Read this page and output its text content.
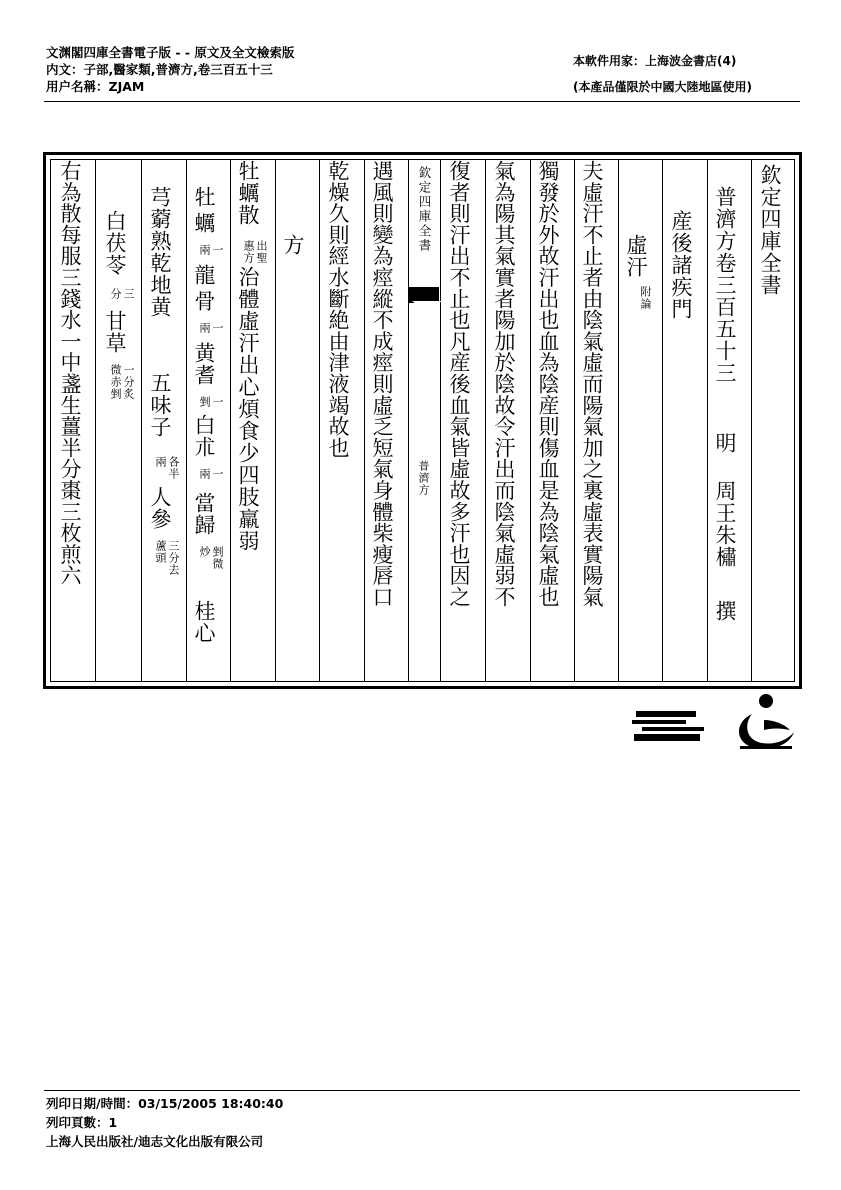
文渊閣四庫全書電子版 - - 原文及全文檢索版
内文：子部,醫家類,普濟方,卷三百五十三
用户名稱：ZJAM
本軟件用家：上海波金書店(4)
(本產品僅限於中國大陸地區使用)
欽定四庫全書
普濟方卷三百五十三
明
周王朱橚
撰
産後諸疾門
虛汗
附論
夫虛汗不止者由陰氣虛而陽氣加之裏虛表實陽氣
獨發於外故汗出也血為陰産則傷血是為陰氣虛也
氣為陽其氣實者陽加於陰故令汗出而陰氣虛弱不
復者則汗出不止也凡産後血氣皆虛故多汗也因之
欽定四庫全書
普濟方
遇風則變為痙縱不成痙則虛乏短氣身體柴瘦唇口
乾燥久則經水斷絶由津液竭故也
方
牡蠣散
出聖
惠方
治體虛汗出心煩食少四肢羸弱
牡
蠣
一
兩
龍
骨
一
兩
黄耆
一
剉
白朮
一
兩
當歸
剉微
炒
桂心
芎藭熟乾地黄
五味子
各半
兩
人參
三分去
蘆頭
白茯苓
三
分
甘草
一分炙
微赤剉
右為散每服三錢水一中盞生薑半分棗三枚煎六
列印日期/時間：03/15/2005 18:40:40
列印頁數：1
上海人民出版社/迪志文化出版有限公司
